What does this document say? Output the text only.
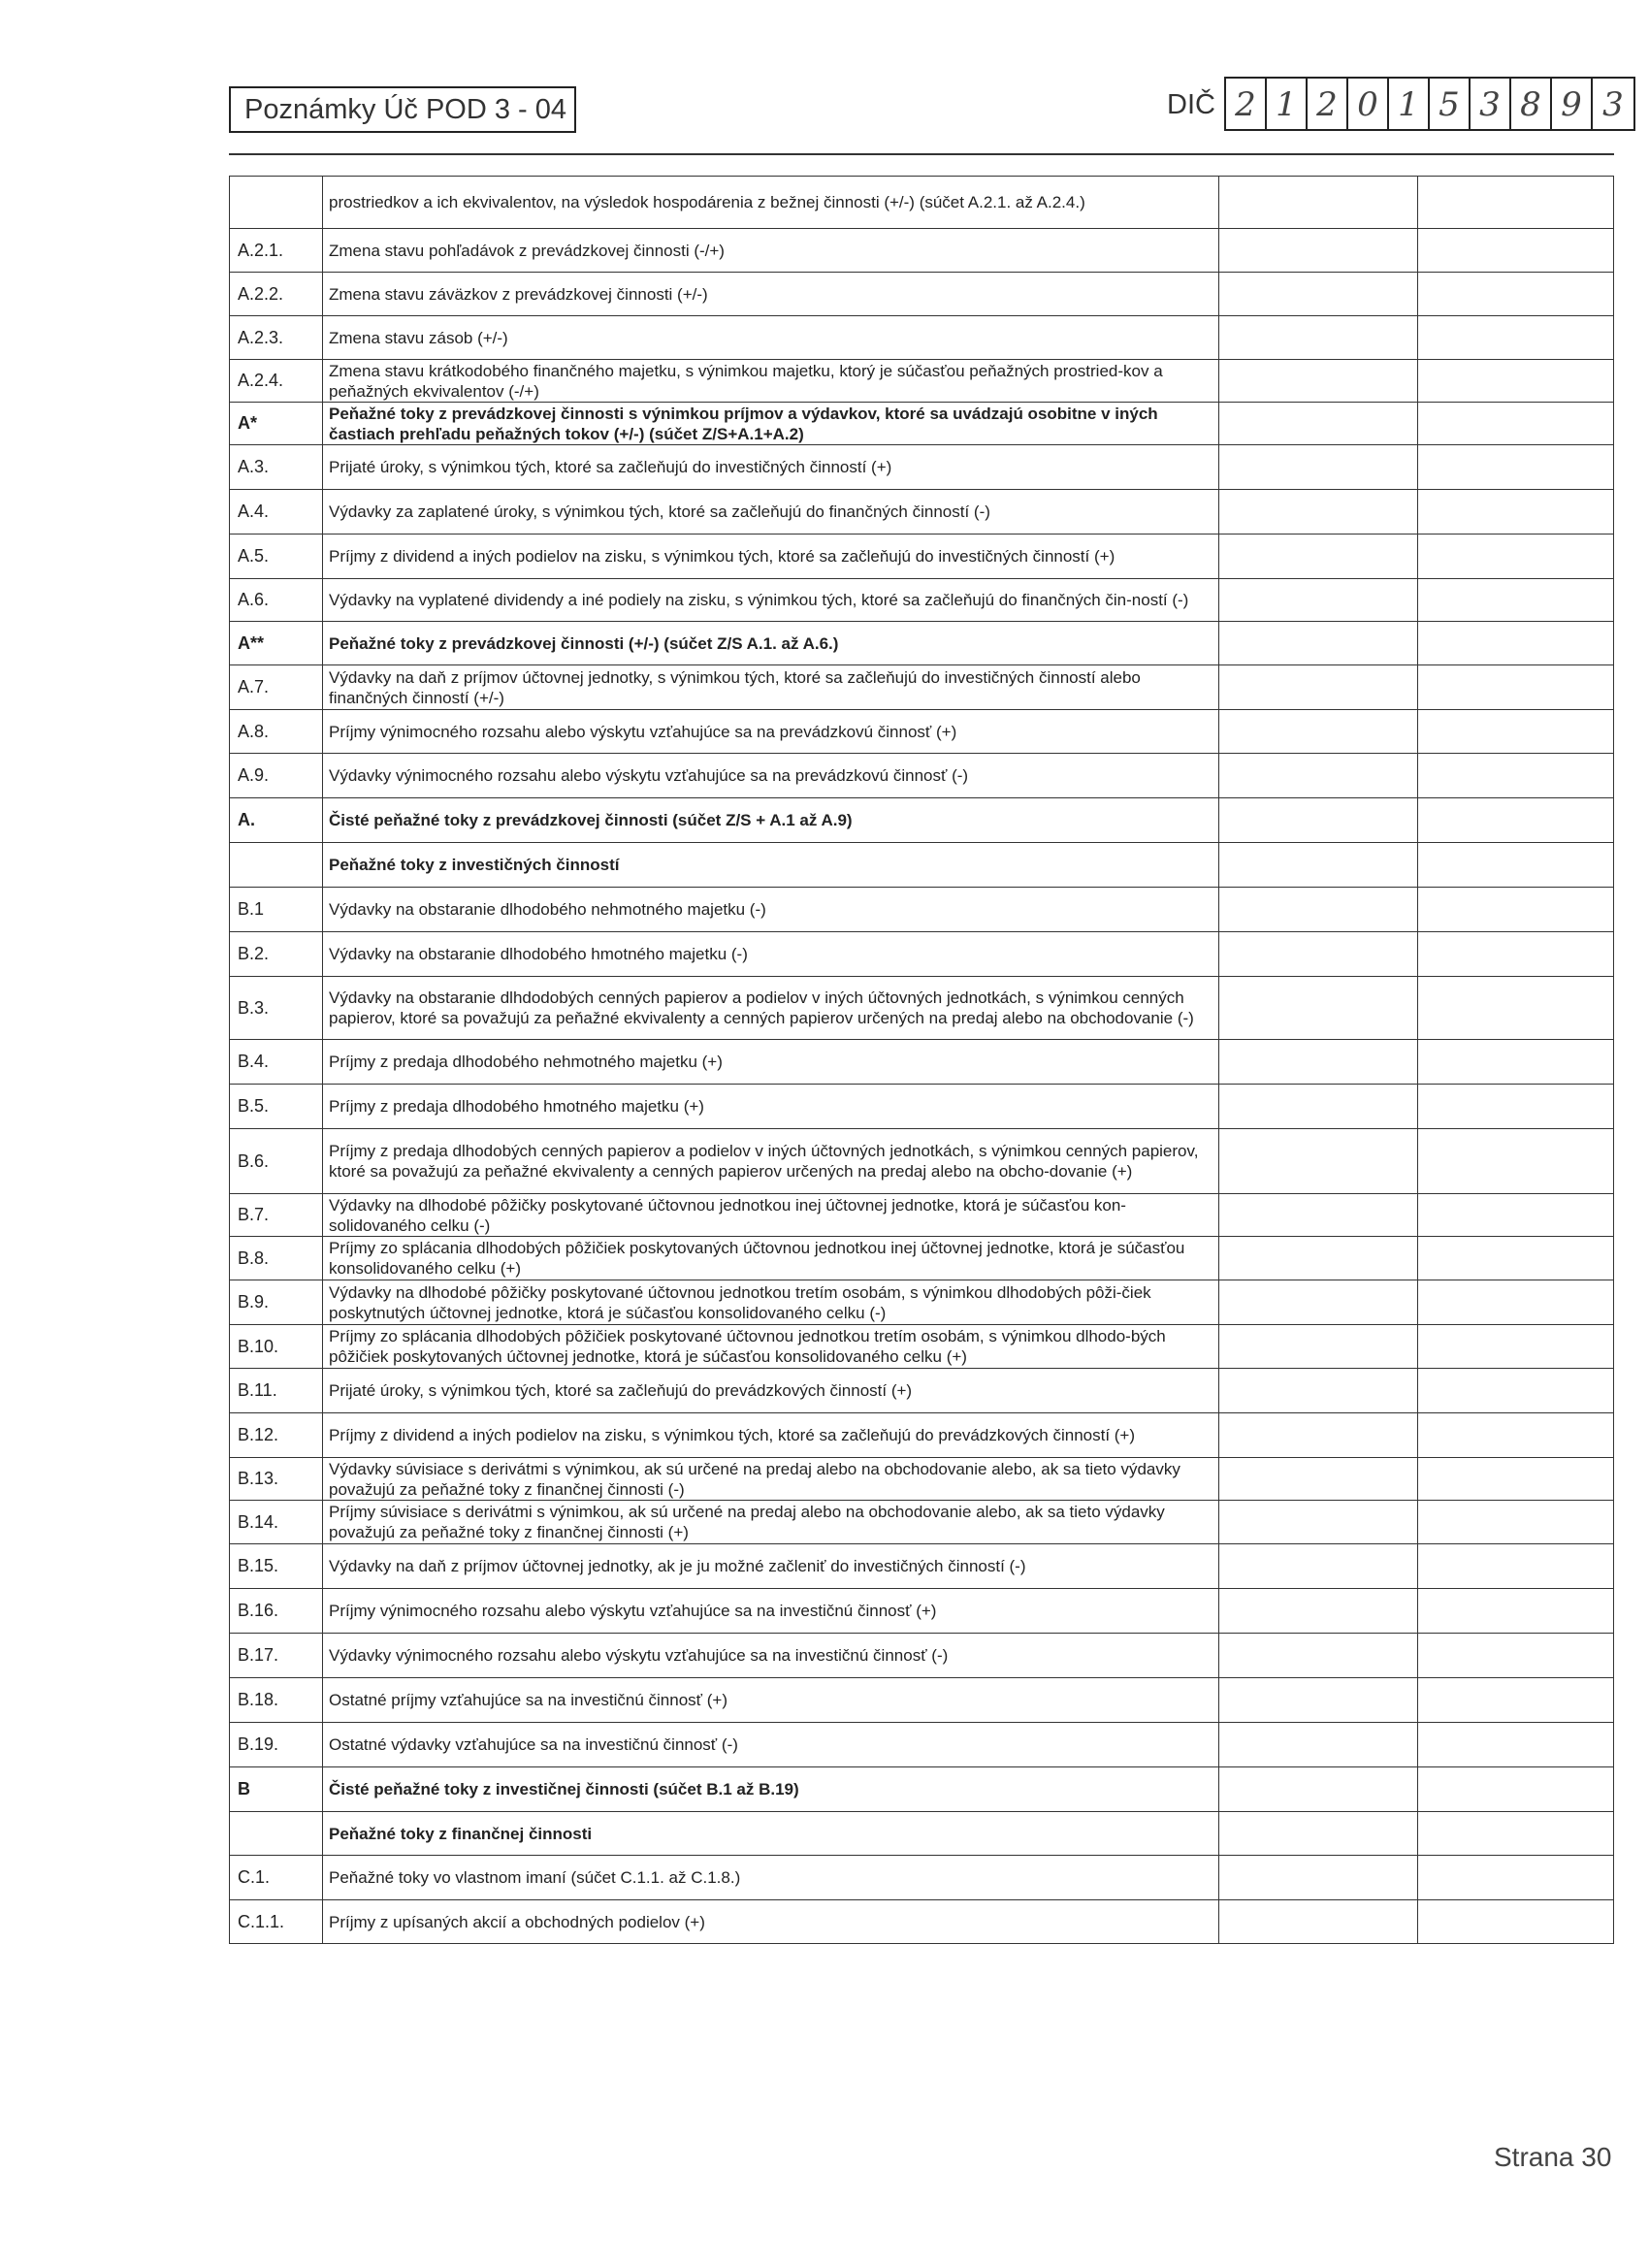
Poznámky Úč POD 3 - 04	DIČ 2 1 2 0 1 5 3 8 9 3
	prostriedkov a ich ekvivalentov, na výsledok hospodárenia z bežnej činnosti (+/-) (súčet A.2.1. až A.2.4.)		
A.2.1.	Zmena stavu pohľadávok z prevádzkovej činnosti (-/+)		
A.2.2.	Zmena stavu záväzkov z prevádzkovej činnosti (+/-)		
A.2.3.	Zmena stavu zásob (+/-)		
A.2.4.	Zmena stavu krátkodobého finančného majetku, s výnimkou majetku, ktorý je súčasťou peňažných prostried-kov a peňažných ekvivalentov (-/+)		
A*	Peňažné toky z prevádzkovej činnosti s výnimkou príjmov a výdavkov, ktoré sa uvádzajú osobitne v iných častiach prehľadu peňažných tokov (+/-) (súčet Z/S+A.1+A.2)		
A.3.	Prijaté úroky, s výnimkou tých, ktoré sa začleňujú do investičných činností (+)		
A.4.	Výdavky za zaplatené úroky, s výnimkou tých, ktoré sa začleňujú do finančných činností (-)		
A.5.	Príjmy z dividend a iných podielov na zisku, s výnimkou tých, ktoré sa začleňujú do investičných činností (+)		
A.6.	Výdavky na vyplatené dividendy a iné podiely na zisku, s výnimkou tých, ktoré sa začleňujú do finančných čin-ností (-)		
A**	Peňažné toky z prevádzkovej činnosti (+/-) (súčet Z/S A.1. až A.6.)		
A.7.	Výdavky na daň z príjmov účtovnej jednotky, s výnimkou tých, ktoré sa začleňujú do investičných činností alebo finančných činností (+/-)		
A.8.	Príjmy výnimocného rozsahu alebo výskytu vzťahujúce sa na prevádzkovú činnosť (+)		
A.9.	Výdavky výnimocného rozsahu alebo výskytu vzťahujúce sa na prevádzkovú činnosť (-)		
A.	Čisté peňažné toky z prevádzkovej činnosti (súčet Z/S + A.1 až A.9)		
	Peňažné toky z investičných činností		
B.1	Výdavky na obstaranie dlhodobého nehmotného majetku (-)		
B.2.	Výdavky na obstaranie dlhodobého hmotného majetku (-)		
B.3.	Výdavky na obstaranie dlhdodobých cenných papierov a podielov v iných účtovných jednotkách, s výnimkou cenných papierov, ktoré sa považujú za peňažné ekvivalenty a cenných papierov určených na predaj alebo na obchodovanie (-)		
B.4.	Príjmy z predaja dlhodobého nehmotného majetku (+)		
B.5.	Príjmy z predaja dlhodobého hmotného majetku (+)		
B.6.	Príjmy z predaja dlhodobých cenných papierov a podielov v iných účtovných jednotkách, s výnimkou cenných papierov, ktoré sa považujú za peňažné ekvivalenty a cenných papierov určených na predaj alebo na obcho-dovanie (+)		
B.7.	Výdavky na dlhodobé pôžičky poskytované účtovnou jednotkou inej účtovnej jednotke, ktorá je súčasťou kon-solidovaného celku (-)		
B.8.	Príjmy zo splácania dlhodobých pôžičiek poskytovaných účtovnou jednotkou inej účtovnej jednotke, ktorá je súčasťou konsolidovaného celku (+)		
B.9.	Výdavky na dlhodobé pôžičky poskytované účtovnou jednotkou tretím osobám, s výnimkou dlhodobých pôži-čiek poskytnutých účtovnej jednotke, ktorá je súčasťou konsolidovaného celku (-)		
B.10.	Príjmy zo splácania dlhodobých pôžičiek poskytované účtovnou jednotkou tretím osobám, s výnimkou dlhodo-bých pôžičiek poskytovaných účtovnej jednotke, ktorá je súčasťou konsolidovaného celku (+)		
B.11.	Prijaté úroky, s výnimkou tých, ktoré sa začleňujú do prevádzkových činností (+)		
B.12.	Príjmy z dividend a iných podielov na zisku, s výnimkou tých, ktoré sa začleňujú do prevádzkových činností (+)		
B.13.	Výdavky súvisiace s derivátmi s výnimkou, ak sú určené na predaj alebo na obchodovanie alebo, ak sa tieto výdavky považujú za peňažné toky z finančnej činnosti (-)		
B.14.	Príjmy súvisiace s derivátmi s výnimkou, ak sú určené na predaj alebo na obchodovanie alebo, ak sa tieto výdavky považujú za peňažné toky z finančnej činnosti (+)		
B.15.	Výdavky na daň z príjmov účtovnej jednotky, ak je ju možné začleniť do investičných činností (-)		
B.16.	Príjmy výnimocného rozsahu alebo výskytu vzťahujúce sa na investičnú činnosť (+)		
B.17.	Výdavky výnimocného rozsahu alebo výskytu vzťahujúce sa na investičnú činnosť (-)		
B.18.	Ostatné príjmy vzťahujúce sa na investičnú činnosť (+)		
B.19.	Ostatné výdavky vzťahujúce sa na investičnú činnosť (-)		
B	Čisté peňažné toky z investičnej činnosti (súčet B.1 až B.19)		
	Peňažné toky z finančnej činnosti		
C.1.	Peňažné toky vo vlastnom imaní (súčet C.1.1. až C.1.8.)		
C.1.1.	Príjmy z upísaných akcií a obchodných podielov (+)		
Strana 30
